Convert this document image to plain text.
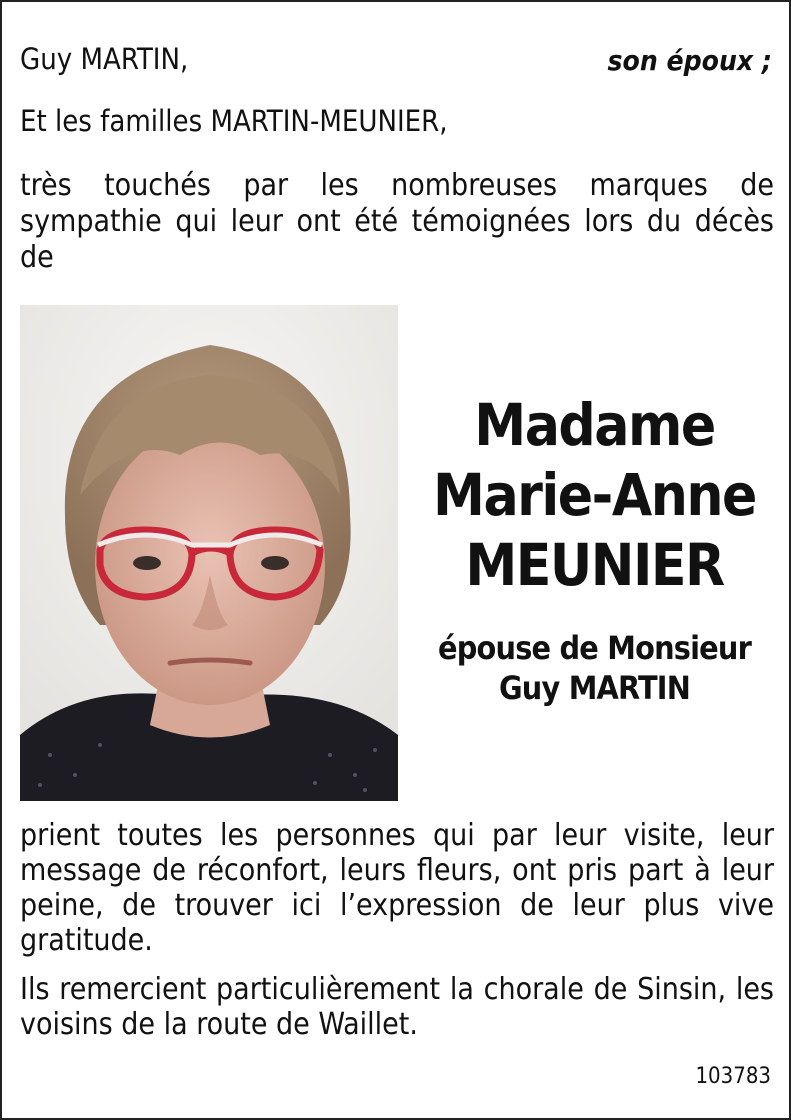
Guy MARTIN,	son époux ;
Et les familles MARTIN-MEUNIER,
très touchés par les nombreuses marques de sympathie qui leur ont été témoignées lors du décès de
Madame
Marie-Anne
MEUNIER
épouse de Monsieur
Guy MARTIN
prient toutes les personnes qui par leur visite, leur message de réconfort, leurs fleurs, ont pris part à leur peine, de trouver ici l’expression de leur plus vive gratitude.
Ils remercient particulièrement la chorale de Sinsin, les voisins de la route de Waillet.
103783
